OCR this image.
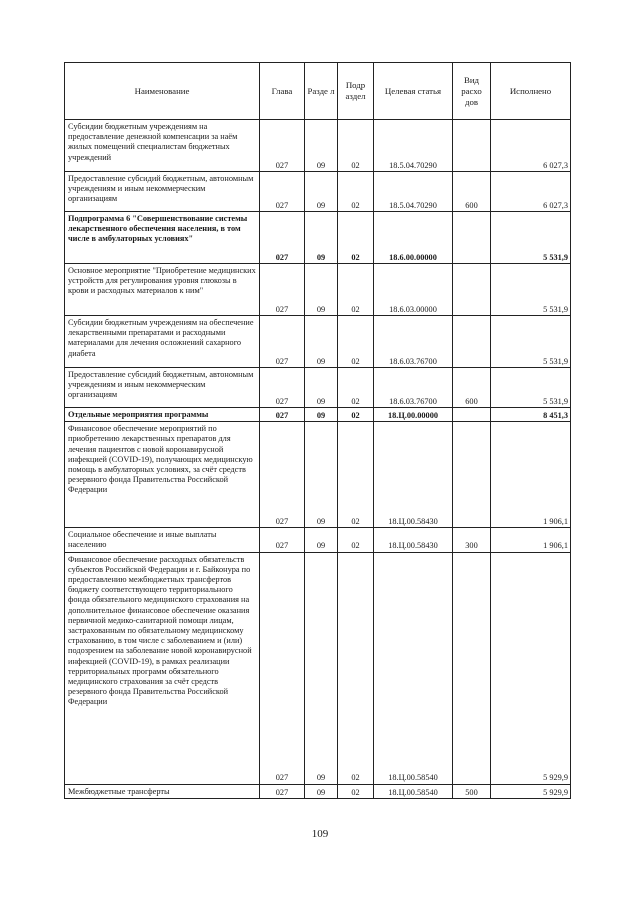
Наименование	Глава	Разде л	Подр аздел	Целевая статья	Вид расхо дов	Исполнено
Субсидии бюджетным учреждениям на предоставление денежной компенсации за наём жилых помещений специалистам бюджетных учреждений	027	09	02	18.5.04.70290		6 027,3
Предоставление субсидий бюджетным, автономным учреждениям и иным некоммерческим организациям	027	09	02	18.5.04.70290	600	6 027,3
Подпрограмма 6 "Совершенствование системы лекарственного обеспечения населения, в том числе в амбулаторных условиях"	027	09	02	18.6.00.00000		5 531,9
Основное мероприятие "Приобретение медицинских устройств для регулирования уровня глюкозы в крови и расходных материалов к ним"	027	09	02	18.6.03.00000		5 531,9
Субсидии бюджетным учреждениям на обеспечение лекарственными препаратами и расходными материалами для лечения осложнений сахарного диабета	027	09	02	18.6.03.76700		5 531,9
Предоставление субсидий бюджетным, автономным учреждениям и иным некоммерческим организациям	027	09	02	18.6.03.76700	600	5 531,9
Отдельные мероприятия программы	027	09	02	18.Ц.00.00000		8 451,3
Финансовое обеспечение мероприятий по приобретению лекарственных препаратов для лечения пациентов с новой коронавирусной инфекцией (COVID-19), получающих медицинскую помощь в амбулаторных условиях, за счёт средств резервного фонда Правительства Российской Федерации	027	09	02	18.Ц.00.58430		1 906,1
Социальное обеспечение и иные выплаты населению	027	09	02	18.Ц.00.58430	300	1 906,1
Финансовое обеспечение расходных обязательств субъектов Российской Федерации и г. Байконура по предоставлению межбюджетных трансфертов бюджету соответствующего территориального фонда обязательного медицинского страхования на дополнительное финансовое обеспечение оказания первичной медико-санитарной помощи лицам, застрахованным по обязательному медицинскому страхованию, в том числе с заболеванием и (или) подозрением на заболевание новой коронавирусной инфекцией (COVID-19), в рамках реализации территориальных программ обязательного медицинского страхования за счёт средств резервного фонда Правительства Российской Федерации	027	09	02	18.Ц.00.58540		5 929,9
Межбюджетные трансферты	027	09	02	18.Ц.00.58540	500	5 929,9
109
